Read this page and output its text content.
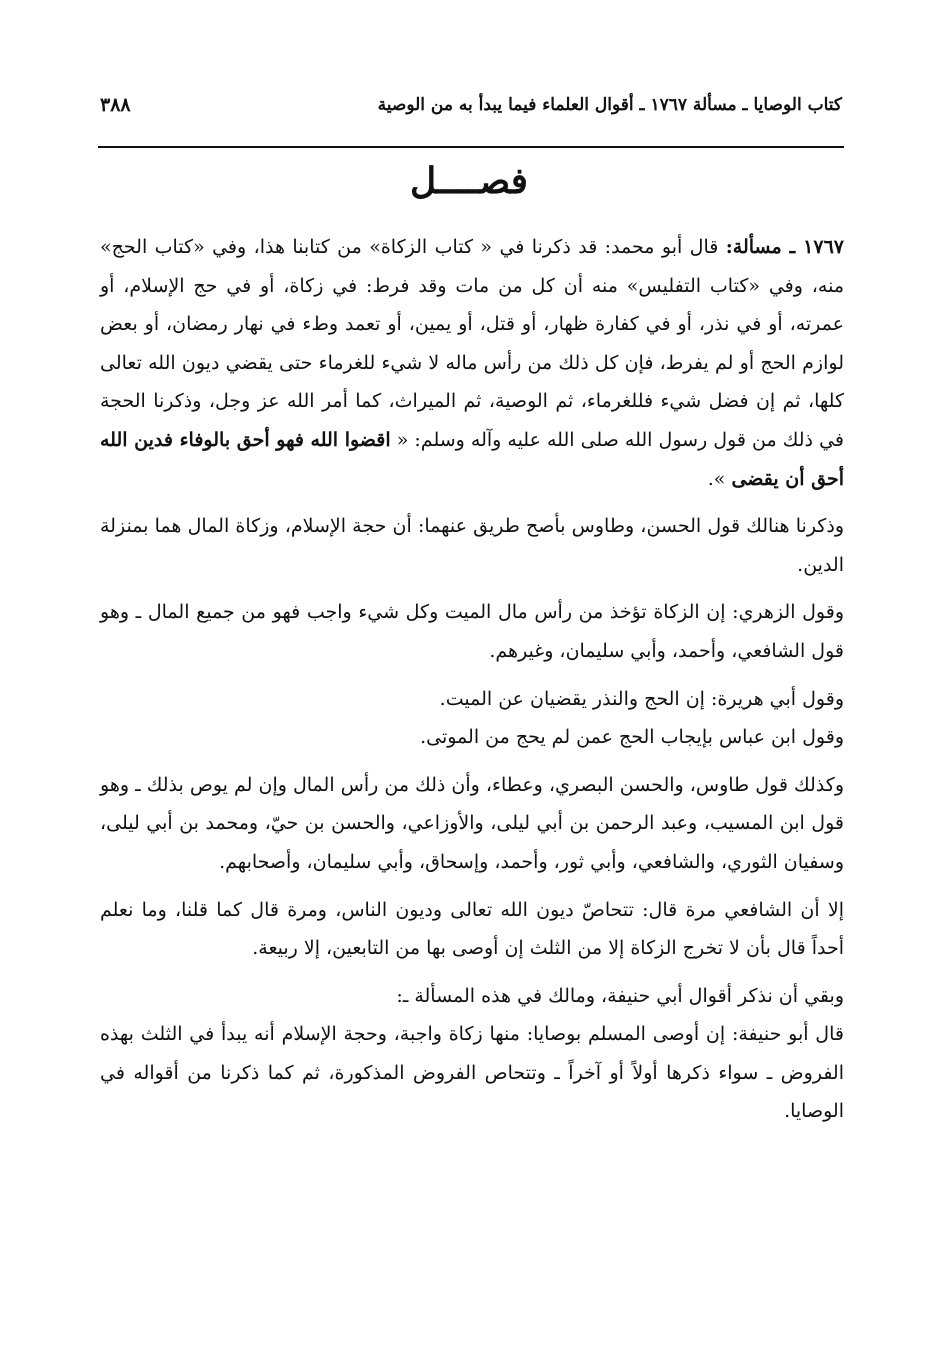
كتاب الوصايا ـ مسألة ١٧٦٧ ـ أقوال العلماء فيما يبدأ به من الوصية
٣٨٨
فصــــل

١٧٦٧ ـ مسألة: قال أبو محمد: قد ذكرنا في « كتاب الزكاة» من كتابنا هذا، وفي «كتاب الحج» منه، وفي «كتاب التفليس» منه أن كل من مات وقد فرط: في زكاة، أو في حج الإسلام، أو عمرته، أو في نذر، أو في كفارة ظهار، أو قتل، أو يمين، أو تعمد وطء في نهار رمضان، أو بعض لوازم الحج أو لم يفرط، فإن كل ذلك من رأس ماله لا شيء للغرماء حتى يقضي ديون الله تعالى كلها، ثم إن فضل شيء فللغرماء، ثم الوصية، ثم الميراث، كما أمر الله عز وجل، وذكرنا الحجة في ذلك من قول رسول الله صلى الله عليه وآله وسلم: « اقضوا الله فهو أحق بالوفاء فدين الله أحق أن يقضى ».

وذكرنا هنالك قول الحسن، وطاوس بأصح طريق عنهما: أن حجة الإسلام، وزكاة المال هما بمنزلة الدين.

وقول الزهري: إن الزكاة تؤخذ من رأس مال الميت وكل شيء واجب فهو من جميع المال ـ وهو قول الشافعي، وأحمد، وأبي سليمان، وغيرهم.

وقول أبي هريرة: إن الحج والنذر يقضيان عن الميت.

وقول ابن عباس بإيجاب الحج عمن لم يحج من الموتى.

وكذلك قول طاوس، والحسن البصري، وعطاء، وأن ذلك من رأس المال وإن لم يوص بذلك ـ وهو قول ابن المسيب، وعبد الرحمن بن أبي ليلى، والأوزاعي، والحسن بن حيّ، ومحمد بن أبي ليلى، وسفيان الثوري، والشافعي، وأبي ثور، وأحمد، وإسحاق، وأبي سليمان، وأصحابهم.

إلا أن الشافعي مرة قال: تتحاصّ ديون الله تعالى وديون الناس، ومرة قال كما قلنا، وما نعلم أحداً قال بأن لا تخرج الزكاة إلا من الثلث إن أوصى بها من التابعين، إلا ربيعة.

وبقي أن نذكر أقوال أبي حنيفة، ومالك في هذه المسألة ـ:

قال أبو حنيفة: إن أوصى المسلم بوصايا: منها زكاة واجبة، وحجة الإسلام أنه يبدأ في الثلث بهذه الفروض ـ سواء ذكرها أولاً أو آخراً ـ وتتحاص الفروض المذكورة، ثم كما ذكرنا من أقواله في الوصايا.
